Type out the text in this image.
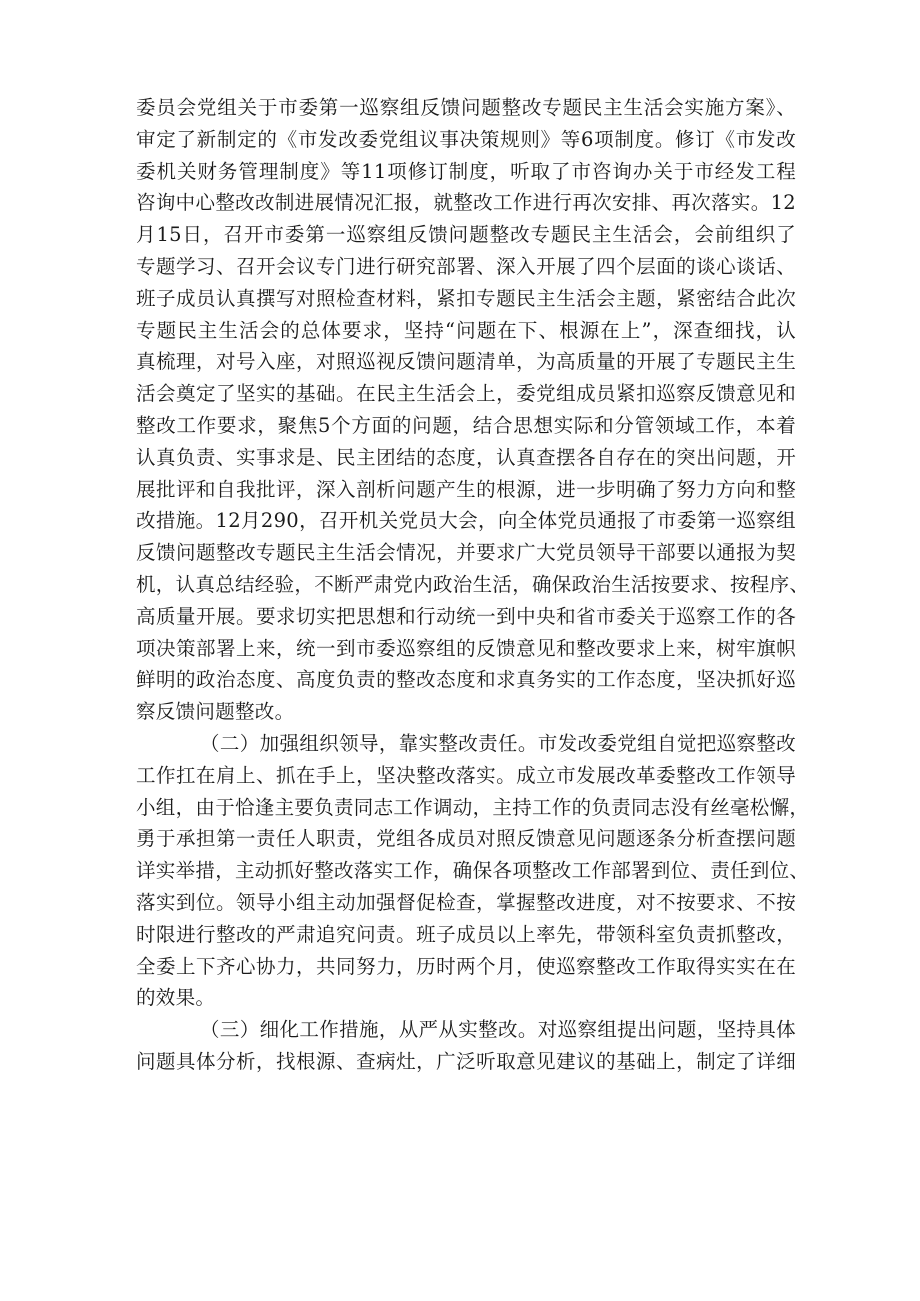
委员会党组关于市委第一巡察组反馈问题整改专题民主生活会实施方案》、
审定了新制定的《市发改委党组议事决策规则》等6项制度。修订《市发改
委机关财务管理制度》等11项修订制度，听取了市咨询办关于市经发工程
咨询中心整改改制进展情况汇报，就整改工作进行再次安排、再次落实。12
月15日，召开市委第一巡察组反馈问题整改专题民主生活会，会前组织了
专题学习、召开会议专门进行研究部署、深入开展了四个层面的谈心谈话、
班子成员认真撰写对照检查材料，紧扣专题民主生活会主题，紧密结合此次
专题民主生活会的总体要求，坚持“问题在下、根源在上”，深查细找，认
真梳理，对号入座，对照巡视反馈问题清单，为高质量的开展了专题民主生
活会奠定了坚实的基础。在民主生活会上，委党组成员紧扣巡察反馈意见和
整改工作要求，聚焦5个方面的问题，结合思想实际和分管领域工作，本着
认真负责、实事求是、民主团结的态度，认真查摆各自存在的突出问题，开
展批评和自我批评，深入剖析问题产生的根源，进一步明确了努力方向和整
改措施。12月290，召开机关党员大会，向全体党员通报了市委第一巡察组
反馈问题整改专题民主生活会情况，并要求广大党员领导干部要以通报为契
机，认真总结经验，不断严肃党内政治生活，确保政治生活按要求、按程序、
高质量开展。要求切实把思想和行动统一到中央和省市委关于巡察工作的各
项决策部署上来，统一到市委巡察组的反馈意见和整改要求上来，树牢旗帜
鲜明的政治态度、高度负责的整改态度和求真务实的工作态度，坚决抓好巡
察反馈问题整改。
（二）加强组织领导，靠实整改责任。市发改委党组自觉把巡察整改
工作扛在肩上、抓在手上，坚决整改落实。成立市发展改革委整改工作领导
小组，由于恰逢主要负责同志工作调动，主持工作的负责同志没有丝毫松懈，
勇于承担第一责任人职责，党组各成员对照反馈意见问题逐条分析查摆问题
详实举措，主动抓好整改落实工作，确保各项整改工作部署到位、责任到位、
落实到位。领导小组主动加强督促检查，掌握整改进度，对不按要求、不按
时限进行整改的严肃追究问责。班子成员以上率先，带领科室负责抓整改，
全委上下齐心协力，共同努力，历时两个月，使巡察整改工作取得实实在在
的效果。
（三）细化工作措施，从严从实整改。对巡察组提出问题，坚持具体
问题具体分析，找根源、查病灶，广泛听取意见建议的基础上，制定了详细
